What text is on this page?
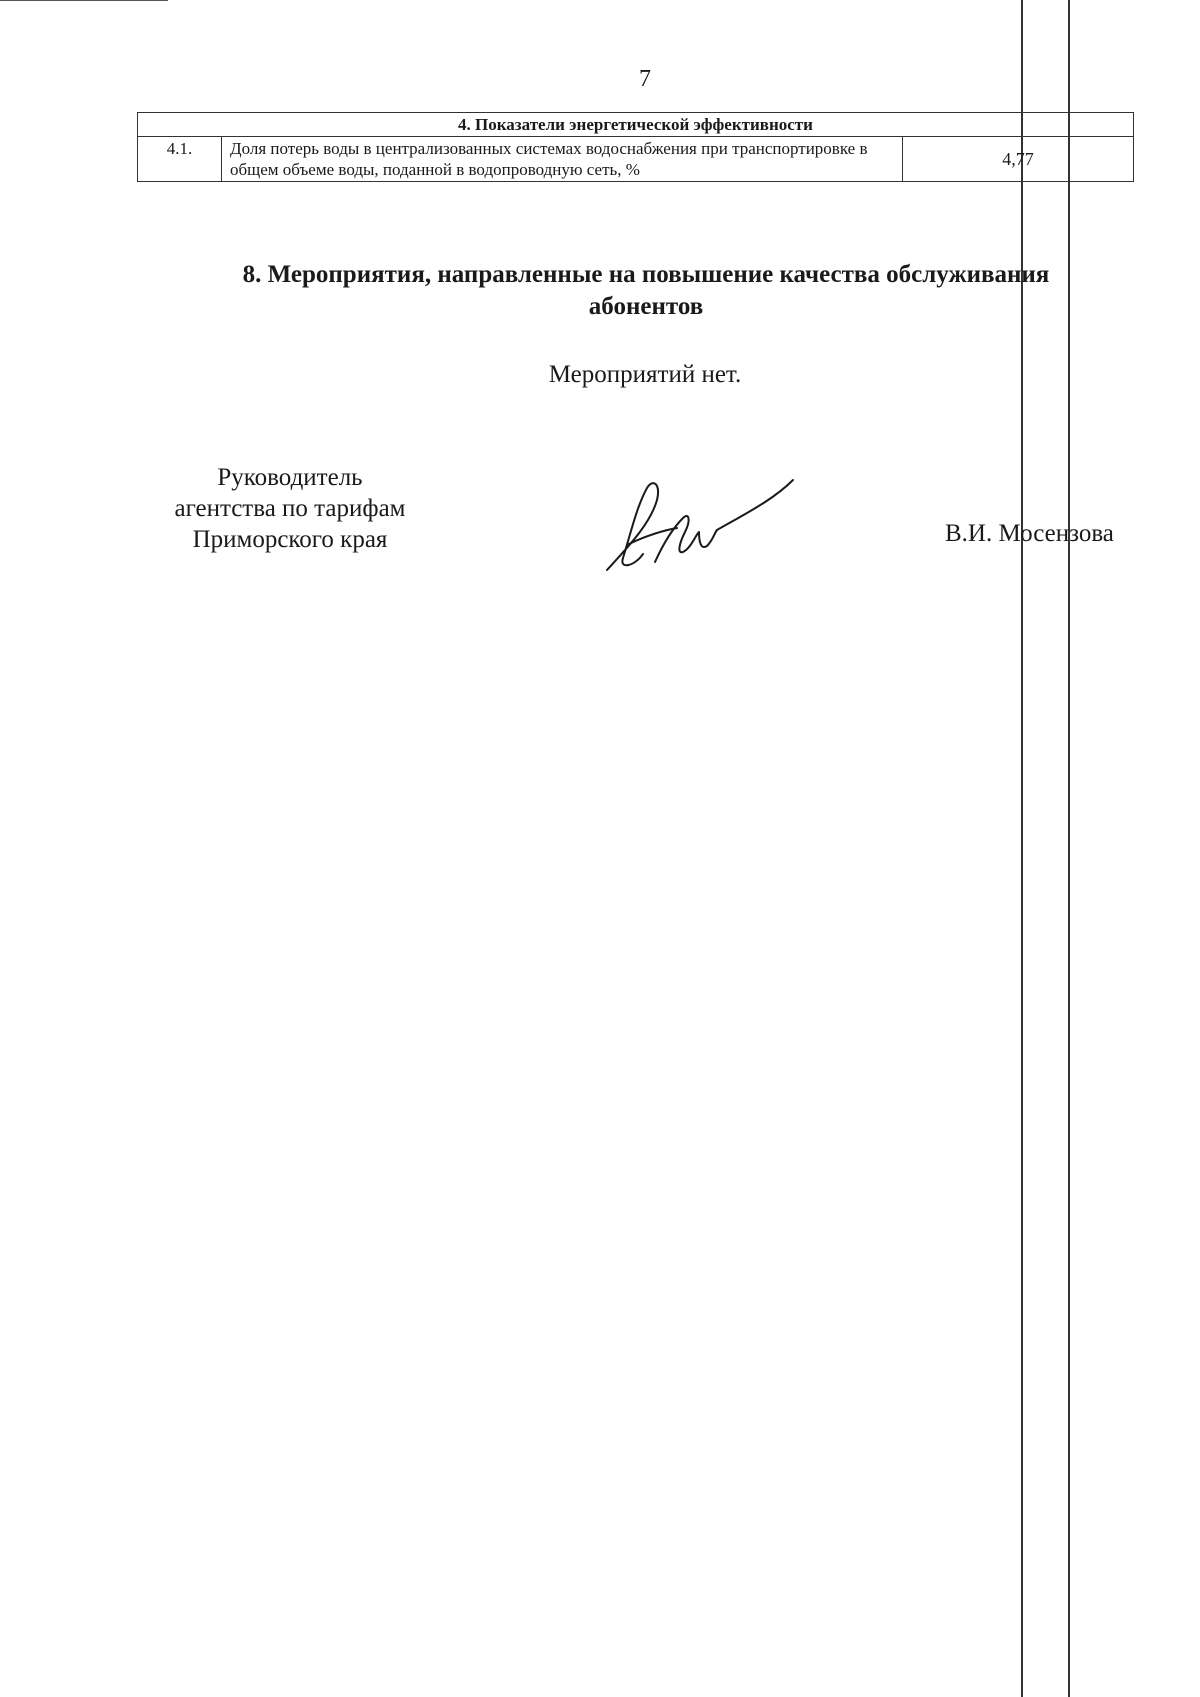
7
4. Показатели энергетической эффективности
4.1.	Доля потерь воды в централизованных системах водоснабжения при транспортировке в общем объеме воды, поданной в водопроводную сеть, %	4,77
8. Мероприятия, направленные на повышение качества обслуживания абонентов
Мероприятий нет.
Руководитель
агентства по тарифам
Приморского края	В.И. Мосензова
